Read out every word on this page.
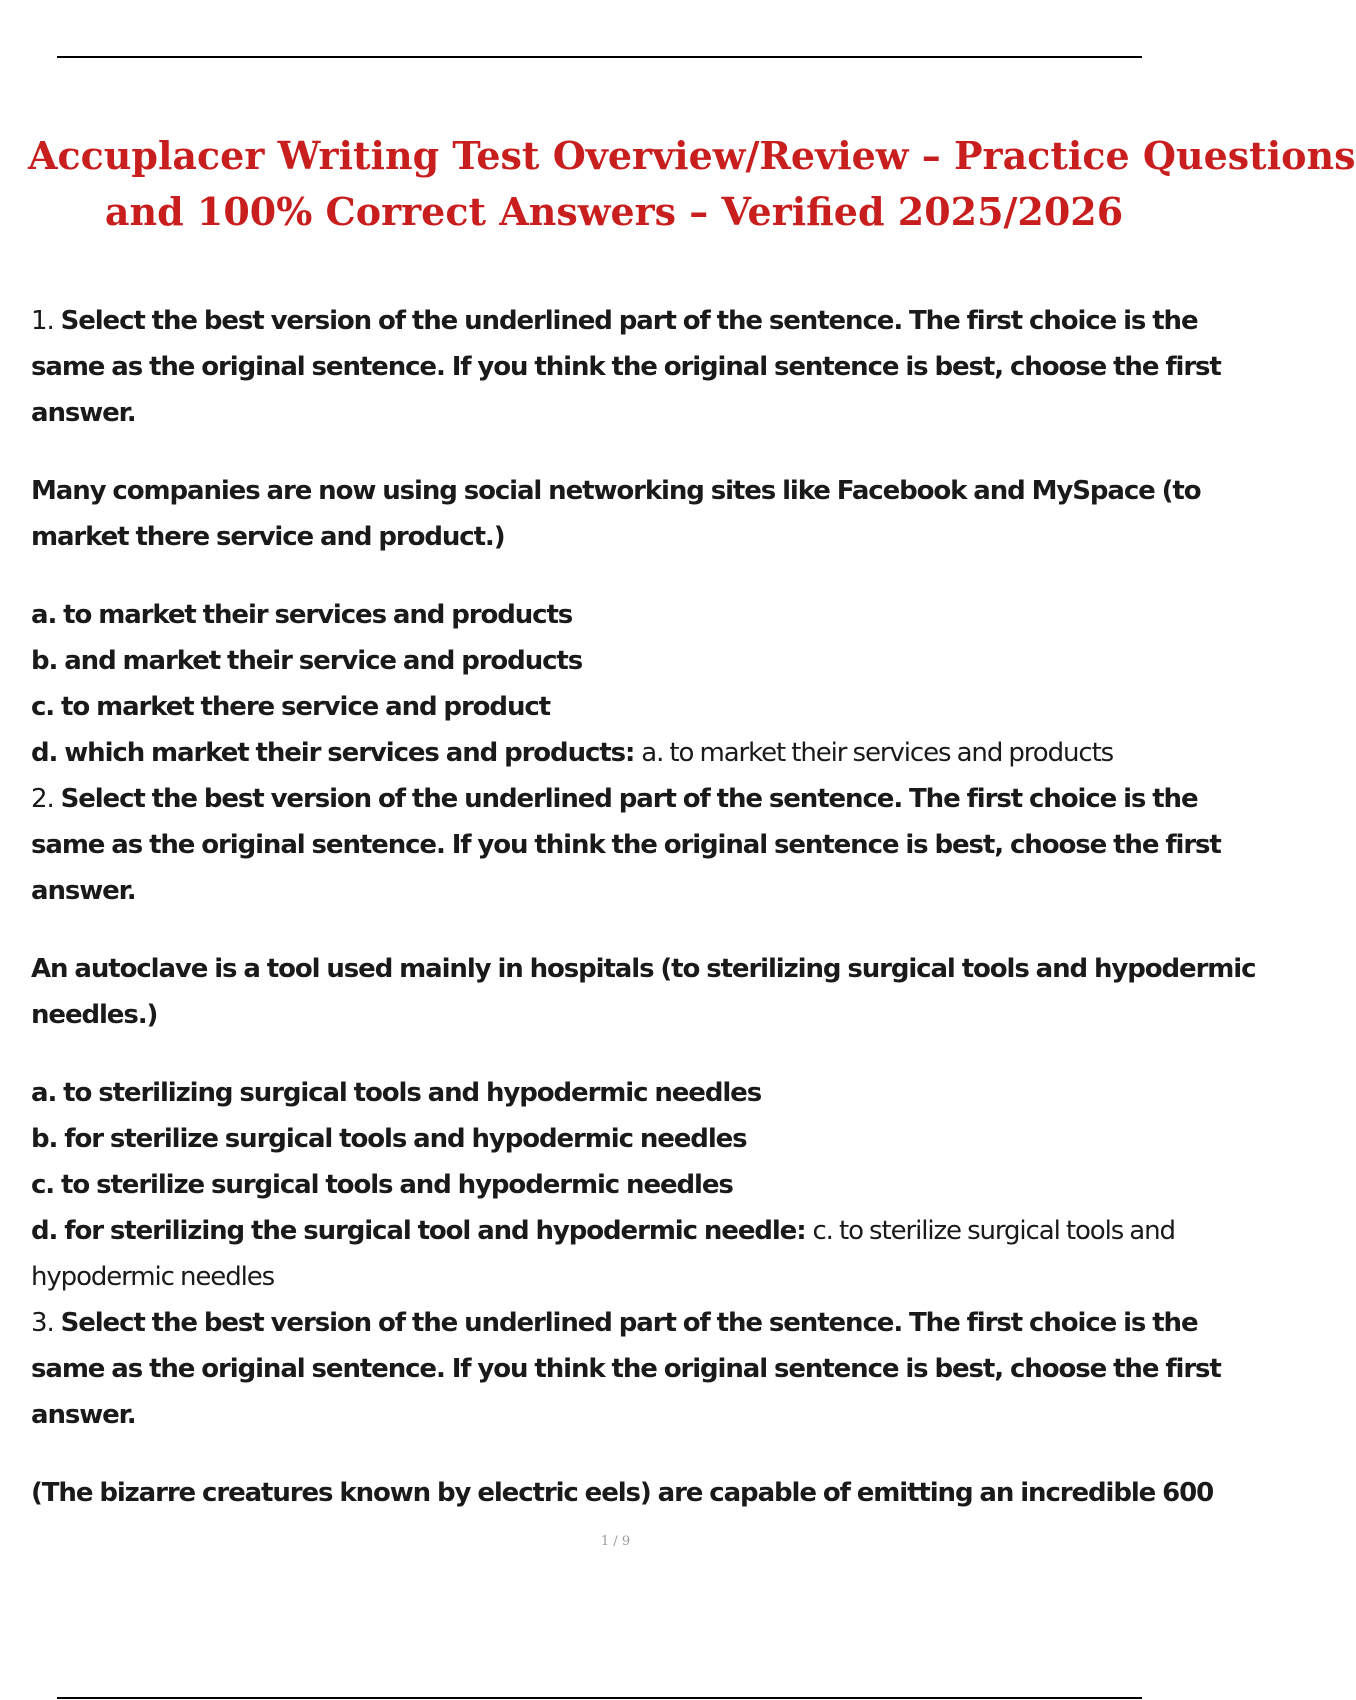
Accuplacer Writing Test Overview/Review – Practice Questions
and 100% Correct Answers – Verified 2025/2026

1. Select the best version of the underlined part of the sentence. The first choice is the
same as the original sentence. If you think the original sentence is best, choose the first
answer.

Many companies are now using social networking sites like Facebook and MySpace (to
market there service and product.)

a. to market their services and products
b. and market their service and products
c. to market there service and product
d. which market their services and products: a. to market their services and products

2. Select the best version of the underlined part of the sentence. The first choice is the
same as the original sentence. If you think the original sentence is best, choose the first
answer.

An autoclave is a tool used mainly in hospitals (to sterilizing surgical tools and hypodermic
needles.)

a. to sterilizing surgical tools and hypodermic needles
b. for sterilize surgical tools and hypodermic needles
c. to sterilize surgical tools and hypodermic needles
d. for sterilizing the surgical tool and hypodermic needle: c. to sterilize surgical tools and
hypodermic needles

3. Select the best version of the underlined part of the sentence. The first choice is the
same as the original sentence. If you think the original sentence is best, choose the first
answer.

(The bizarre creatures known by electric eels) are capable of emitting an incredible 600

1 / 9
